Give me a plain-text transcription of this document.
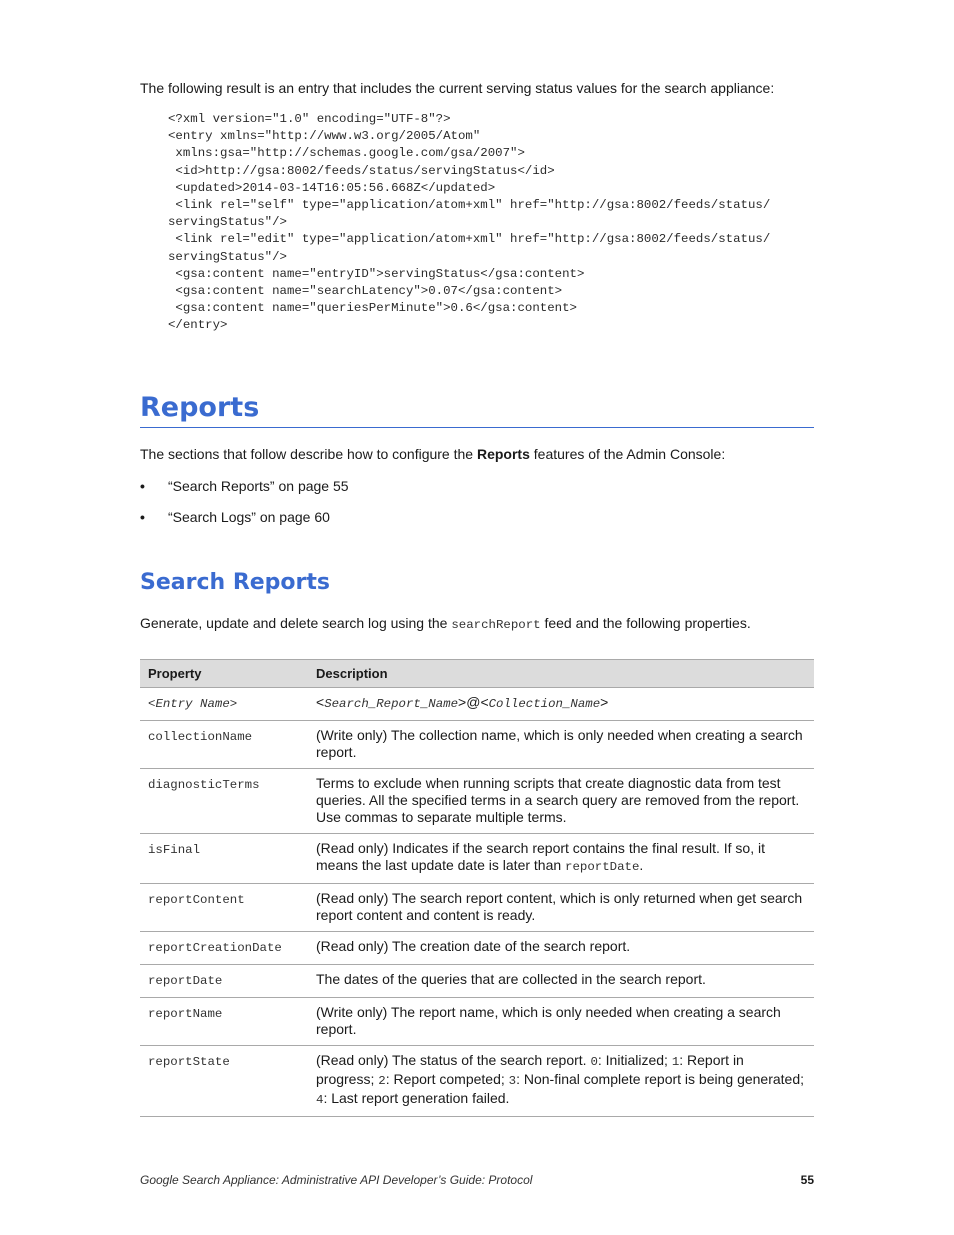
The following result is an entry that includes the current serving status values for the search appliance:

<?xml version="1.0" encoding="UTF-8"?>
<entry xmlns="http://www.w3.org/2005/Atom"
xmlns:gsa="http://schemas.google.com/gsa/2007">
<id>http://gsa:8002/feeds/status/servingStatus</id>
<updated>2014-03-14T16:05:56.668Z</updated>
<link rel="self" type="application/atom+xml" href="http://gsa:8002/feeds/status/
servingStatus"/>
<link rel="edit" type="application/atom+xml" href="http://gsa:8002/feeds/status/
servingStatus"/>
<gsa:content name="entryID">servingStatus</gsa:content>
<gsa:content name="searchLatency">0.07</gsa:content>
<gsa:content name="queriesPerMinute">0.6</gsa:content>
</entry>
Reports

The sections that follow describe how to configure the Reports features of the Admin Console:

• “Search Reports” on page 55
• “Search Logs” on page 60
Search Reports

Generate, update and delete search log using the searchReport feed and the following properties.

Property	Description
<Entry Name>	<Search_Report_Name>@<Collection_Name>
collectionName	(Write only) The collection name, which is only needed when creating a search report.
diagnosticTerms	Terms to exclude when running scripts that create diagnostic data from test queries. All the specified terms in a search query are removed from the report. Use commas to separate multiple terms.
isFinal	(Read only) Indicates if the search report contains the final result. If so, it means the last update date is later than reportDate.
reportContent	(Read only) The search report content, which is only returned when get search report content and content is ready.
reportCreationDate	(Read only) The creation date of the search report.
reportDate	The dates of the queries that are collected in the search report.
reportName	(Write only) The report name, which is only needed when creating a search report.
reportState	(Read only) The status of the search report. 0: Initialized; 1: Report in progress; 2: Report competed; 3: Non-final complete report is being generated; 4: Last report generation failed.
Google Search Appliance: Administrative API Developer’s Guide: Protocol	55
